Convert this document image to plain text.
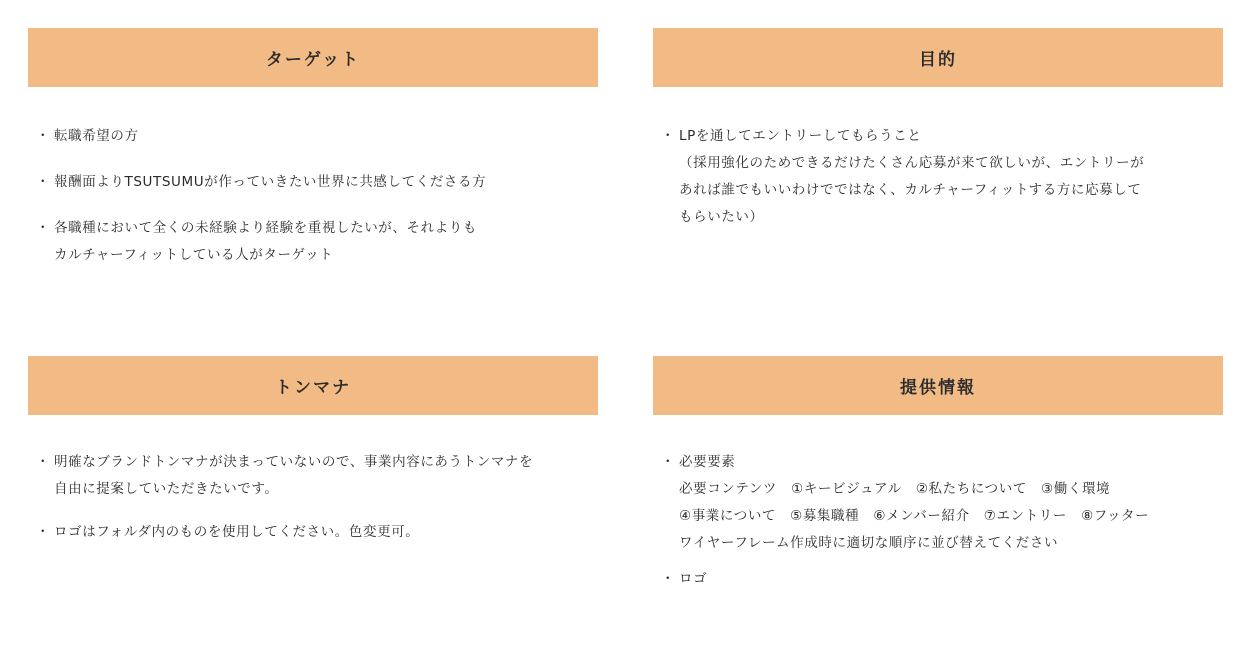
ターゲット
・ 転職希望の方
・ 報酬面よりTSUTSUMUが作っていきたい世界に共感してくださる方
・ 各職種において全くの未経験より経験を重視したいが、それよりも
カルチャーフィットしている人がターゲット
目的
・ LPを通してエントリーしてもらうこと
（採用強化のためできるだけたくさん応募が来て欲しいが、エントリーが
あれば誰でもいいわけでではなく、カルチャーフィットする方に応募して
もらいたい）
トンマナ
・ 明確なブランドトンマナが決まっていないので、事業内容にあうトンマナを
自由に提案していただきたいです。
・ ロゴはフォルダ内のものを使用してください。色変更可。
提供情報
・ 必要要素
必要コンテンツ　①キービジュアル　②私たちについて　③働く環境
④事業について　⑤募集職種　⑥メンバー紹介　⑦エントリー　⑧フッター
ワイヤーフレーム作成時に適切な順序に並び替えてください
・ ロゴ
